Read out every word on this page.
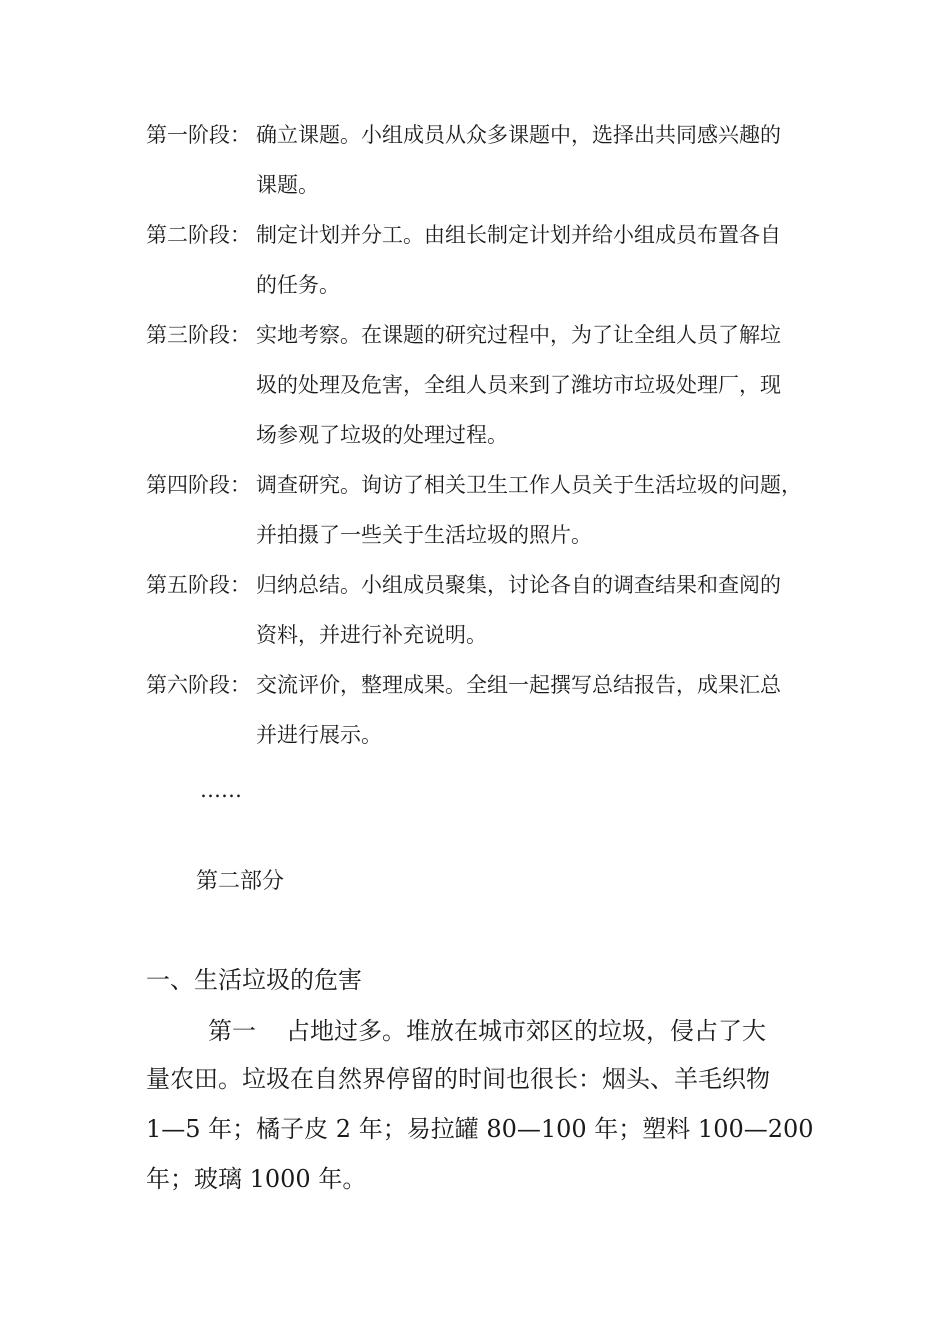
第一阶段： 确立课题。小组成员从众多课题中，选择出共同感兴趣的
课题。
第二阶段： 制定计划并分工。由组长制定计划并给小组成员布置各自
的任务。
第三阶段： 实地考察。在课题的研究过程中，为了让全组人员了解垃
圾的处理及危害，全组人员来到了潍坊市垃圾处理厂，现
场参观了垃圾的处理过程。
第四阶段： 调查研究。询访了相关卫生工作人员关于生活垃圾的问题，
并拍摄了一些关于生活垃圾的照片。
第五阶段： 归纳总结。小组成员聚集，讨论各自的调查结果和查阅的
资料，并进行补充说明。
第六阶段： 交流评价，整理成果。全组一起撰写总结报告，成果汇总
并进行展示。
……
第二部分
一、生活垃圾的危害
第一 占地过多。堆放在城市郊区的垃圾，侵占了大
量农田。垃圾在自然界停留的时间也很长：烟头、羊毛织物
1—5 年；橘子皮 2 年；易拉罐 80—100 年；塑料 100—200
年；玻璃 1000 年。
